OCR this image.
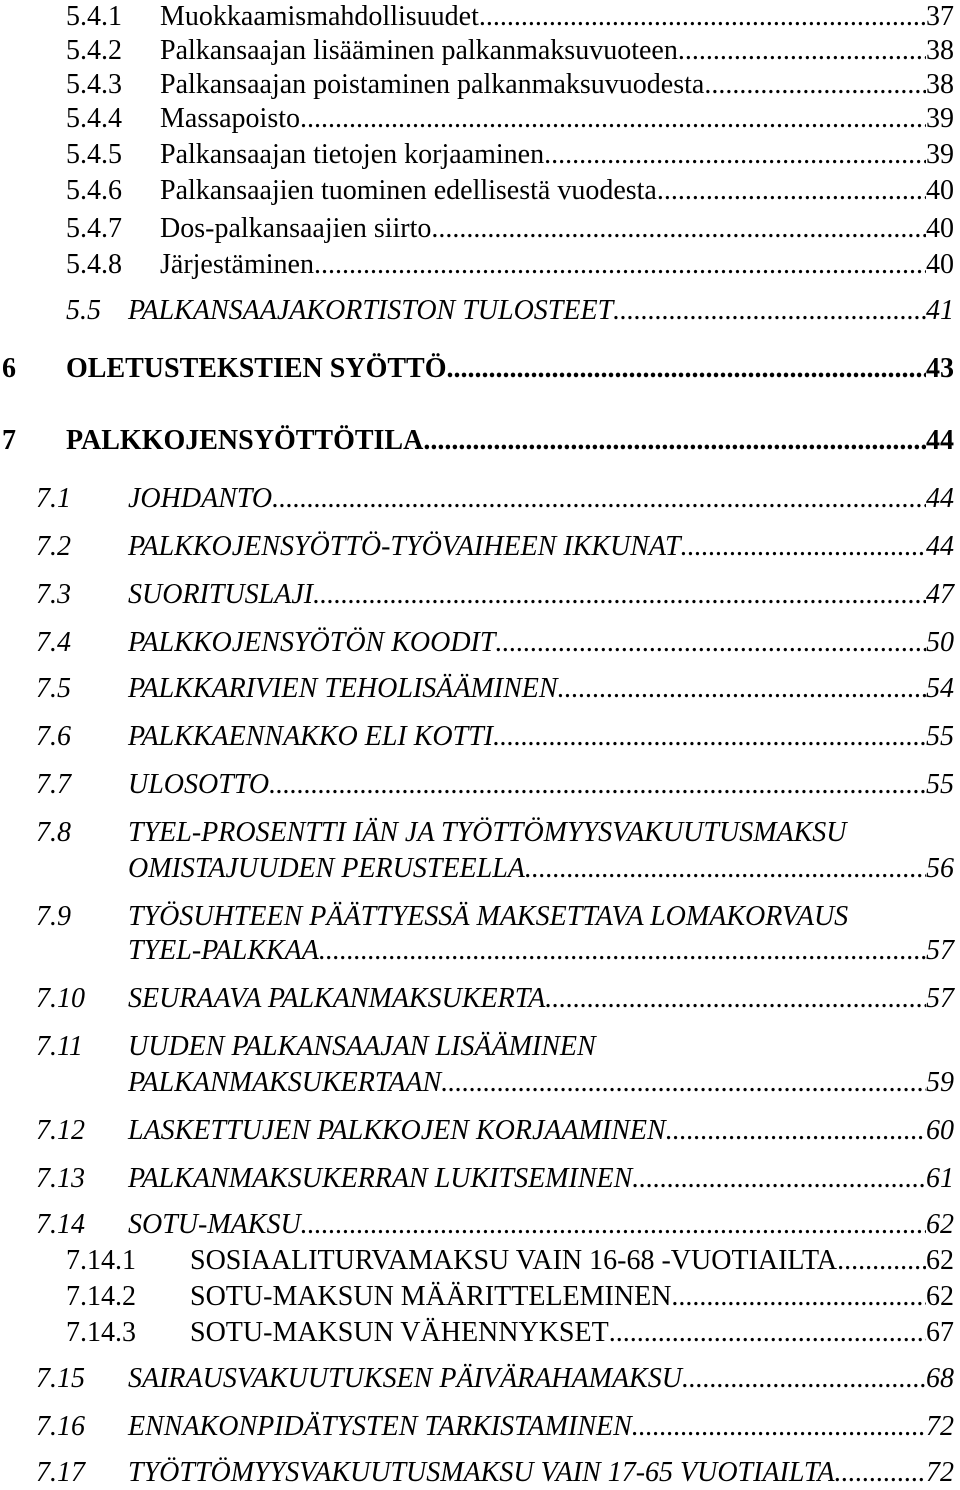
5.4.1 Muokkaamismahdollisuudet .....	37
5.4.2 Palkansaajan lisääminen palkanmaksuvuoteen .....	38
5.4.3 Palkansaajan poistaminen palkanmaksuvuodesta .....	38
5.4.4 Massapoisto .....	39
5.4.5 Palkansaajan tietojen korjaaminen .....	39
5.4.6 Palkansaajien tuominen edellisestä vuodesta .....	40
5.4.7 Dos-palkansaajien siirto .....	40
5.4.8 Järjestäminen .....	40
5.5 PALKANSAAJAKORTISTON TULOSTEET .....	41
6 OLETUSTEKSTIEN SYÖTTÖ .....	43
7 PALKKOJENSYÖTTÖTILA .....	44
7.1 JOHDANTO .....	44
7.2 PALKKOJENSYÖTTÖ-TYÖVAIHEEN IKKUNAT .....	44
7.3 SUORITUSLAJI .....	47
7.4 PALKKOJENSYÖTÖN KOODIT .....	50
7.5 PALKKARIVIEN TEHOLISÄÄMINEN .....	54
7.6 PALKKAENNAKKO ELI KOTTI .....	55
7.7 ULOSOTTO .....	55
7.8 TYEL-PROSENTTI IÄN JA TYÖTTÖMYYSVAKUUTUSMAKSU
OMISTAJUUDEN PERUSTEELLA .....	56
7.9 TYÖSUHTEEN PÄÄTTYESSÄ MAKSETTAVA LOMAKORVAUS
TYEL-PALKKAA .....	57
7.10 SEURAAVA PALKANMAKSUKERTA .....	57
7.11 UUDEN PALKANSAAJAN LISÄÄMINEN
PALKANMAKSUKERTAAN .....	59
7.12 LASKETTUJEN PALKKOJEN KORJAAMINEN .....	60
7.13 PALKANMAKSUKERRAN LUKITSEMINEN .....	61
7.14 SOTU-MAKSU .....	62
7.14.1 SOSIAALITURVAMAKSU VAIN 16-68 -VUOTIAILTA .....	62
7.14.2 SOTU-MAKSUN MÄÄRITTELEMINEN .....	62
7.14.3 SOTU-MAKSUN VÄHENNYKSET .....	67
7.15 SAIRAUSVAKUUTUKSEN PÄIVÄRAHAMAKSU .....	68
7.16 ENNAKONPIDÄTYSTEN TARKISTAMINEN .....	72
7.17 TYÖTTÖMYYSVAKUUTUSMAKSU VAIN 17-65 VUOTIAILTA .....	72
